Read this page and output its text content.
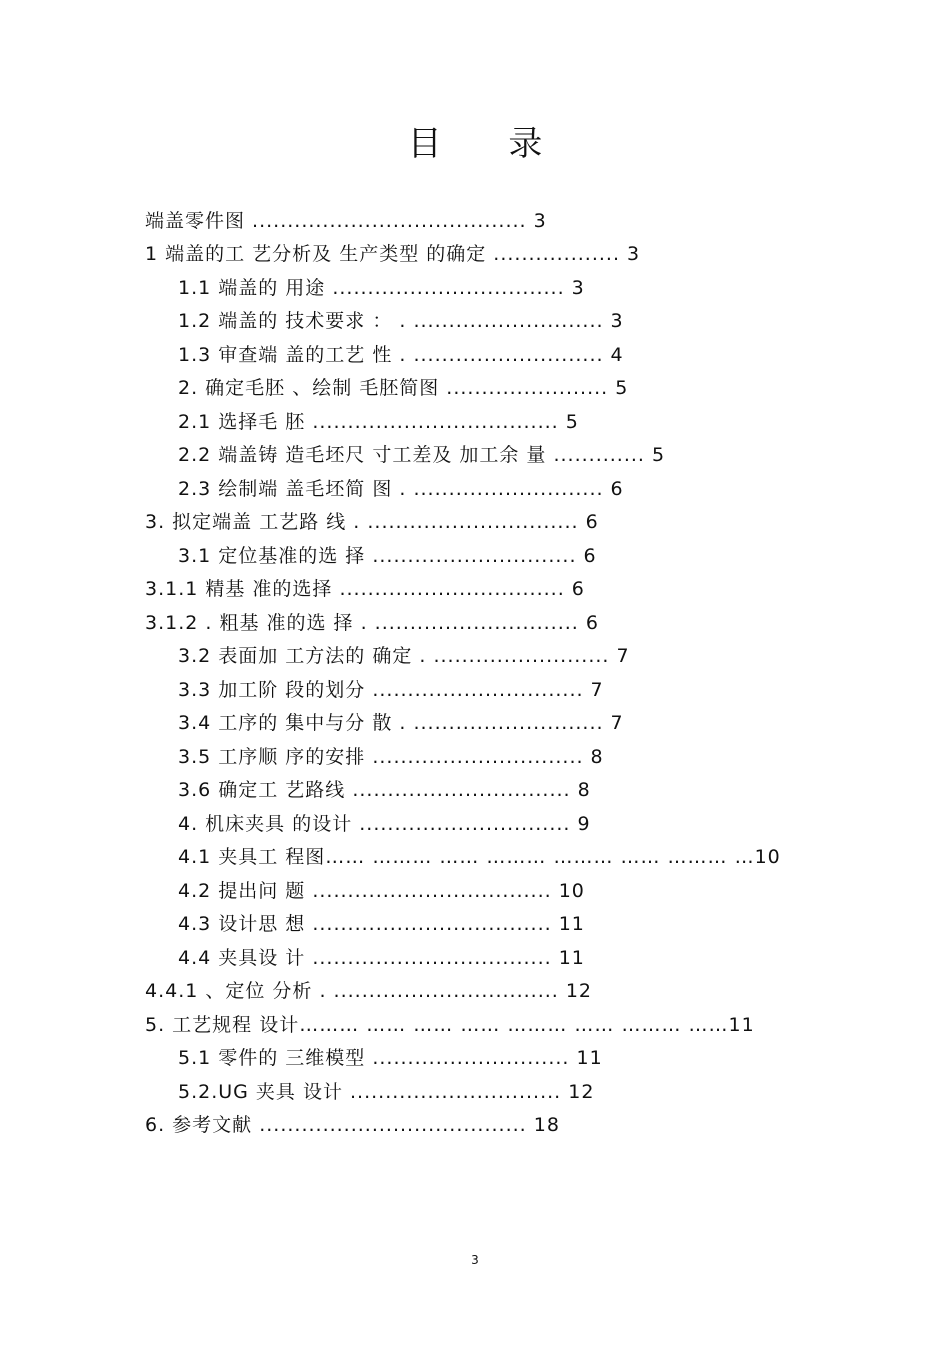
目 录
端盖零件图 ....................................... 3
1 端盖的工 艺分析及 生产类型 的确定 .................. 3
1.1 端盖的 用途 ................................. 3
1.2 端盖的 技术要求 ： . ........................... 3
1.3 审查端 盖的工艺 性 . ........................... 4
2. 确定毛胚 、绘制 毛胚简图 ....................... 5
2.1 选择毛 胚 ................................... 5
2.2 端盖铸 造毛坯尺 寸工差及 加工余 量 ............. 5
2.3 绘制端 盖毛坯简 图 . ........................... 6
3. 拟定端盖 工艺路 线 . .............................. 6
3.1 定位基准的选 择 ............................. 6
3.1.1 精基 准的选择 ................................ 6
3.1.2 . 粗基 准的选 择 . ............................. 6
3.2 表面加 工方法的 确定 . ......................... 7
3.3 加工阶 段的划分 .............................. 7
3.4 工序的 集中与分 散 . ........................... 7
3.5 工序顺 序的安排 .............................. 8
3.6 确定工 艺路线 ............................... 8
4. 机床夹具 的设计 .............................. 9
4.1 夹具工 程图…… ……… …… ……… ……… …… ……… …10
4.2 提出问 题 .................................. 10
4.3 设计思 想 .................................. 11
4.4 夹具设 计 .................................. 11
4.4.1 、定位 分析 . ................................ 12
5. 工艺规程 设计……… …… …… …… ……… …… ……… ……11
5.1 零件的 三维模型 ............................ 11
5.2.UG 夹具 设计 .............................. 12
6. 参考文献 ...................................... 18
3
